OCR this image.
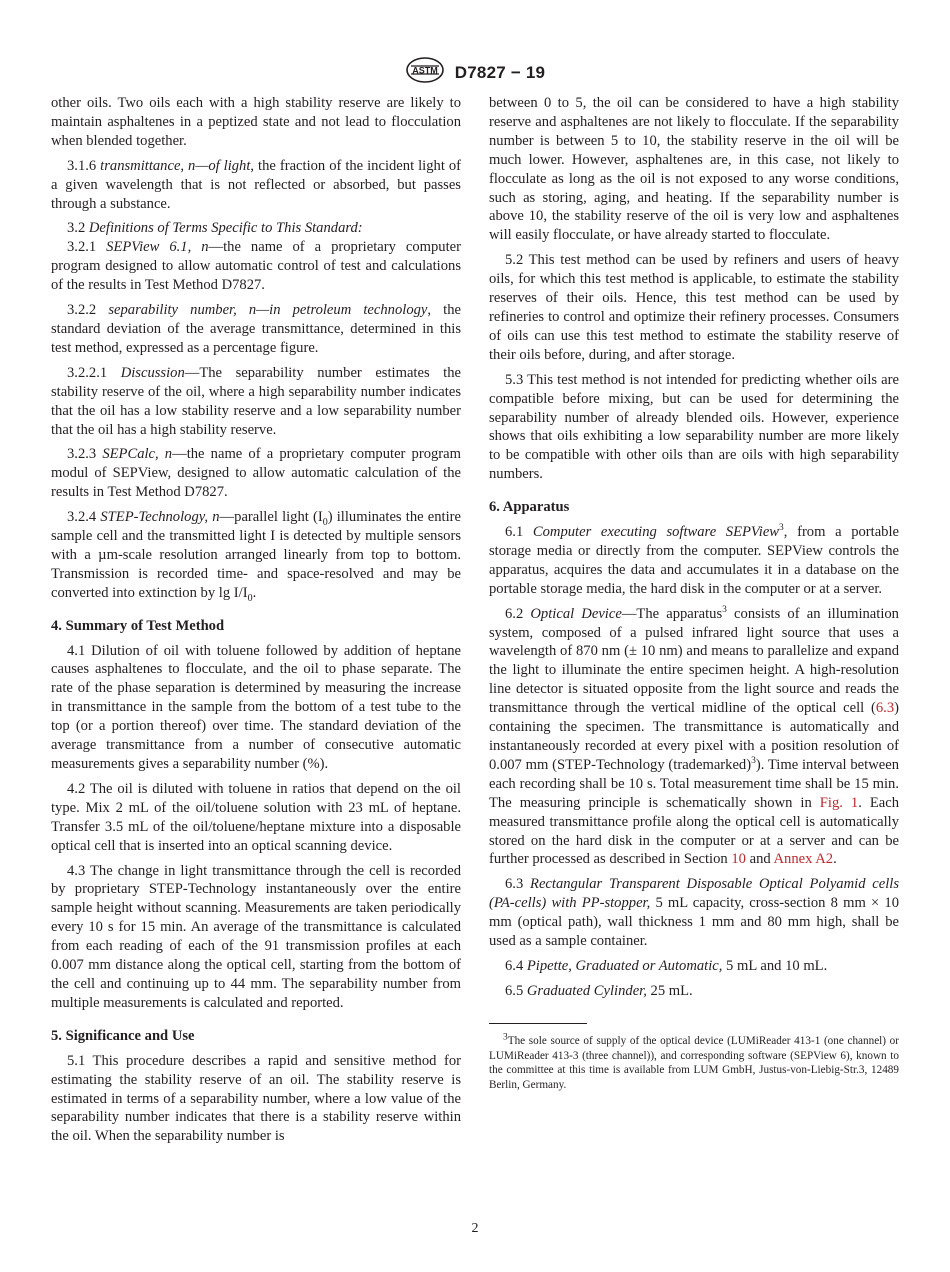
ASTM D7827 − 19

other oils. Two oils each with a high stability reserve are likely to maintain asphaltenes in a peptized state and not lead to flocculation when blended together.

3.1.6 transmittance, n—of light, the fraction of the incident light of a given wavelength that is not reflected or absorbed, but passes through a substance.

3.2 Definitions of Terms Specific to This Standard:

3.2.1 SEPView 6.1, n—the name of a proprietary computer program designed to allow automatic control of test and calculations of the results in Test Method D7827.

3.2.2 separability number, n—in petroleum technology, the standard deviation of the average transmittance, determined in this test method, expressed as a percentage figure.

3.2.2.1 Discussion—The separability number estimates the stability reserve of the oil, where a high separability number indicates that the oil has a low stability reserve and a low separability number that the oil has a high stability reserve.

3.2.3 SEPCalc, n—the name of a proprietary computer program modul of SEPView, designed to allow automatic calculation of the results in Test Method D7827.

3.2.4 STEP-Technology, n—parallel light $(I_0)$ illuminates the entire sample cell and the transmitted light I is detected by multiple sensors with a µm-scale resolution arranged linearly from top to bottom. Transmission is recorded time- and space-resolved and may be converted into extinction by $\lg I/I_0$.

4. Summary of Test Method

4.1 Dilution of oil with toluene followed by addition of heptane causes asphaltenes to flocculate, and the oil to phase separate. The rate of the phase separation is determined by measuring the increase in transmittance in the sample from the bottom of a test tube to the top (or a portion thereof) over time. The standard deviation of the average transmittance from a number of consecutive automatic measurements gives a separability number (%).

4.2 The oil is diluted with toluene in ratios that depend on the oil type. Mix 2 mL of the oil/toluene solution with 23 mL of heptane. Transfer 3.5 mL of the oil/toluene/heptane mixture into a disposable optical cell that is inserted into an optical scanning device.

4.3 The change in light transmittance through the cell is recorded by proprietary STEP-Technology instantaneously over the entire sample height without scanning. Measurements are taken periodically every 10 s for 15 min. An average of the transmittance is calculated from each reading of each of the 91 transmission profiles at each 0.007 mm distance along the optical cell, starting from the bottom of the cell and continuing up to 44 mm. The separability number from multiple measurements is calculated and reported.

5. Significance and Use

5.1 This procedure describes a rapid and sensitive method for estimating the stability reserve of an oil. The stability reserve is estimated in terms of a separability number, where a low value of the separability number indicates that there is a stability reserve within the oil. When the separability number is

between 0 to 5, the oil can be considered to have a high stability reserve and asphaltenes are not likely to flocculate. If the separability number is between 5 to 10, the stability reserve in the oil will be much lower. However, asphaltenes are, in this case, not likely to flocculate as long as the oil is not exposed to any worse conditions, such as storing, aging, and heating. If the separability number is above 10, the stability reserve of the oil is very low and asphaltenes will easily flocculate, or have already started to flocculate.

5.2 This test method can be used by refiners and users of heavy oils, for which this test method is applicable, to estimate the stability reserves of their oils. Hence, this test method can be used by refineries to control and optimize their refinery processes. Consumers of oils can use this test method to estimate the stability reserve of their oils before, during, and after storage.

5.3 This test method is not intended for predicting whether oils are compatible before mixing, but can be used for determining the separability number of already blended oils. However, experience shows that oils exhibiting a low separability number are more likely to be compatible with other oils than are oils with high separability numbers.

6. Apparatus

6.1 Computer executing software SEPView$^3$, from a portable storage media or directly from the computer. SEPView controls the apparatus, acquires the data and accumulates it in a database on the portable storage media, the hard disk in the computer or at a server.

6.2 Optical Device—The apparatus$^3$ consists of an illumination system, composed of a pulsed infrared light source that uses a wavelength of 870 nm (± 10 nm) and means to parallelize and expand the light to illuminate the entire specimen height. A high-resolution line detector is situated opposite from the light source and reads the transmittance through the vertical midline of the optical cell (6.3) containing the specimen. The transmittance is automatically and instantaneously recorded at every pixel with a position resolution of 0.007 mm (STEP-Technology (trademarked)$^3$). Time interval between each recording shall be 10 s. Total measurement time shall be 15 min. The measuring principle is schematically shown in Fig. 1. Each measured transmittance profile along the optical cell is automatically stored on the hard disk in the computer or at a server and can be further processed as described in Section 10 and Annex A2.

6.3 Rectangular Transparent Disposable Optical Polyamid cells (PA-cells) with PP-stopper, 5 mL capacity, cross-section 8 mm × 10 mm (optical path), wall thickness 1 mm and 80 mm high, shall be used as a sample container.

6.4 Pipette, Graduated or Automatic, 5 mL and 10 mL.

6.5 Graduated Cylinder, 25 mL.

$^3$The sole source of supply of the optical device (LUMiReader 413-1 (one channel) or LUMiReader 413-3 (three channel)), and corresponding software (SEPView 6), known to the committee at this time is available from LUM GmbH, Justus-von-Liebig-Str.3, 12489 Berlin, Germany.

2
